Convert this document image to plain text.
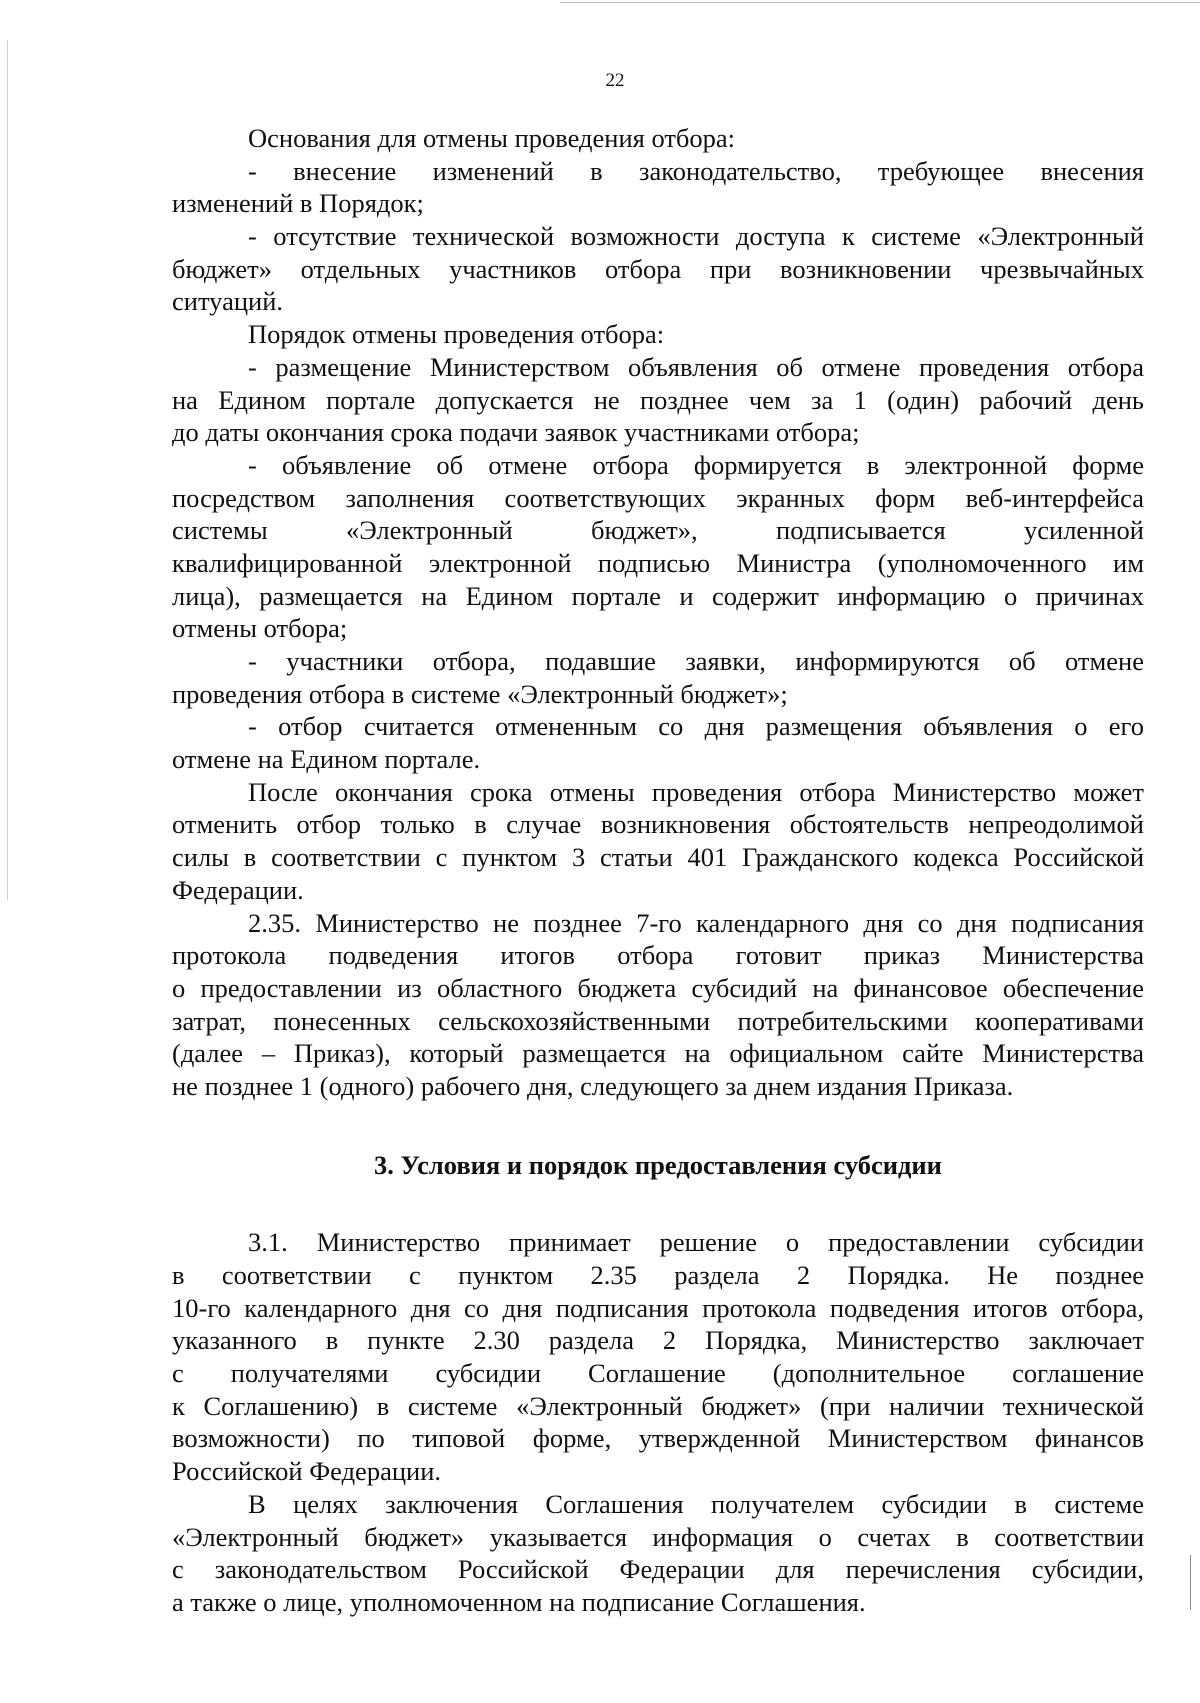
22
Основания для отмены проведения отбора:
- внесение изменений в законодательство, требующее внесения
изменений в Порядок;
- отсутствие технической возможности доступа к системе «Электронный
бюджет» отдельных участников отбора при возникновении чрезвычайных
ситуаций.
Порядок отмены проведения отбора:
- размещение Министерством объявления об отмене проведения отбора
на Едином портале допускается не позднее чем за 1 (один) рабочий день
до даты окончания срока подачи заявок участниками отбора;
- объявление об отмене отбора формируется в электронной форме
посредством заполнения соответствующих экранных форм веб-интерфейса
системы «Электронный бюджет», подписывается усиленной
квалифицированной электронной подписью Министра (уполномоченного им
лица), размещается на Едином портале и содержит информацию о причинах
отмены отбора;
- участники отбора, подавшие заявки, информируются об отмене
проведения отбора в системе «Электронный бюджет»;
- отбор считается отмененным со дня размещения объявления о его
отмене на Едином портале.
После окончания срока отмены проведения отбора Министерство может
отменить отбор только в случае возникновения обстоятельств непреодолимой
силы в соответствии с пунктом 3 статьи 401 Гражданского кодекса Российской
Федерации.
2.35. Министерство не позднее 7-го календарного дня со дня подписания
протокола подведения итогов отбора готовит приказ Министерства
о предоставлении из областного бюджета субсидий на финансовое обеспечение
затрат, понесенных сельскохозяйственными потребительскими кооперативами
(далее – Приказ), который размещается на официальном сайте Министерства
не позднее 1 (одного) рабочего дня, следующего за днем издания Приказа.
3. Условия и порядок предоставления субсидии
3.1. Министерство принимает решение о предоставлении субсидии
в соответствии с пунктом 2.35 раздела 2 Порядка. Не позднее
10-го календарного дня со дня подписания протокола подведения итогов отбора,
указанного в пункте 2.30 раздела 2 Порядка, Министерство заключает
с получателями субсидии Соглашение (дополнительное соглашение
к Соглашению) в системе «Электронный бюджет» (при наличии технической
возможности) по типовой форме, утвержденной Министерством финансов
Российской Федерации.
В целях заключения Соглашения получателем субсидии в системе
«Электронный бюджет» указывается информация о счетах в соответствии
с законодательством Российской Федерации для перечисления субсидии,
а также о лице, уполномоченном на подписание Соглашения.
